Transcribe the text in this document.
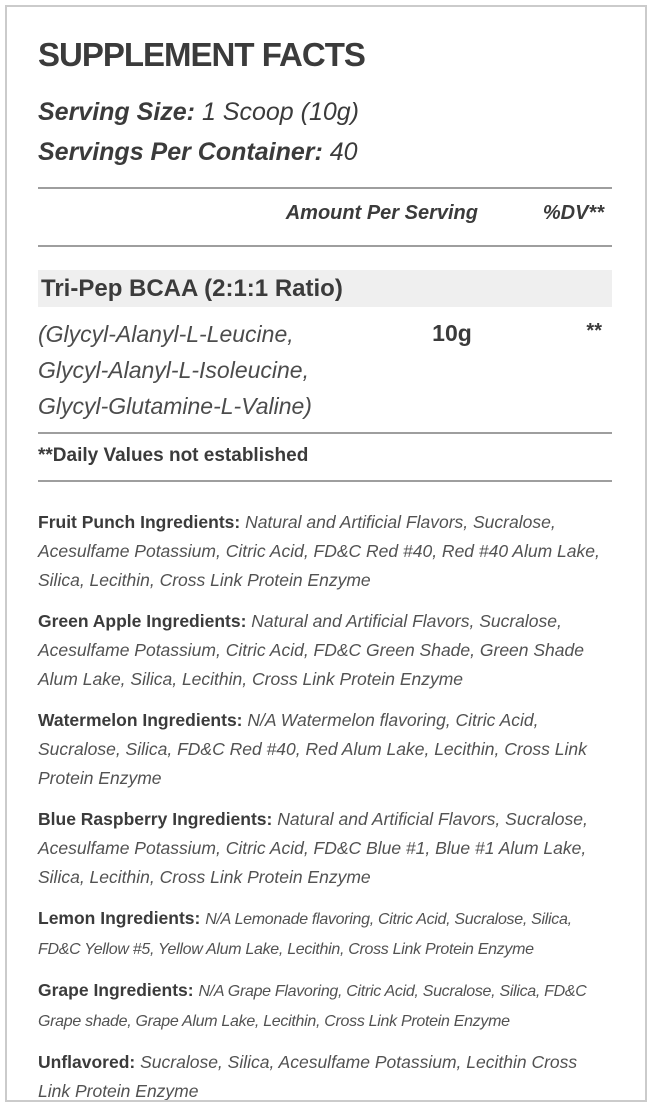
SUPPLEMENT FACTS

Serving Size: 1 Scoop (10g)

Servings Per Container: 40

Amount Per Serving	%DV**
Tri-Pep BCAA (2:1:1 Ratio)
(Glycyl-Alanyl-L-Leucine,
Glycyl-Alanyl-L-Isoleucine,
Glycyl-Glutamine-L-Valine)
10g	**

**Daily Values not established

Fruit Punch Ingredients: Natural and Artificial Flavors, Sucralose, Acesulfame Potassium, Citric Acid, FD&C Red #40, Red #40 Alum Lake, Silica, Lecithin, Cross Link Protein Enzyme

Green Apple Ingredients: Natural and Artificial Flavors, Sucralose, Acesulfame Potassium, Citric Acid, FD&C Green Shade, Green Shade Alum Lake, Silica, Lecithin, Cross Link Protein Enzyme

Watermelon Ingredients: N/A Watermelon flavoring, Citric Acid, Sucralose, Silica, FD&C Red #40, Red Alum Lake, Lecithin, Cross Link Protein Enzyme

Blue Raspberry Ingredients: Natural and Artificial Flavors, Sucralose, Acesulfame Potassium, Citric Acid, FD&C Blue #1, Blue #1 Alum Lake, Silica, Lecithin, Cross Link Protein Enzyme

Lemon Ingredients: N/A Lemonade flavoring, Citric Acid, Sucralose, Silica, FD&C Yellow #5, Yellow Alum Lake, Lecithin, Cross Link Protein Enzyme

Grape Ingredients: N/A Grape Flavoring, Citric Acid, Sucralose, Silica, FD&C Grape shade, Grape Alum Lake, Lecithin, Cross Link Protein Enzyme

Unflavored: Sucralose, Silica, Acesulfame Potassium, Lecithin Cross Link Protein Enzyme
